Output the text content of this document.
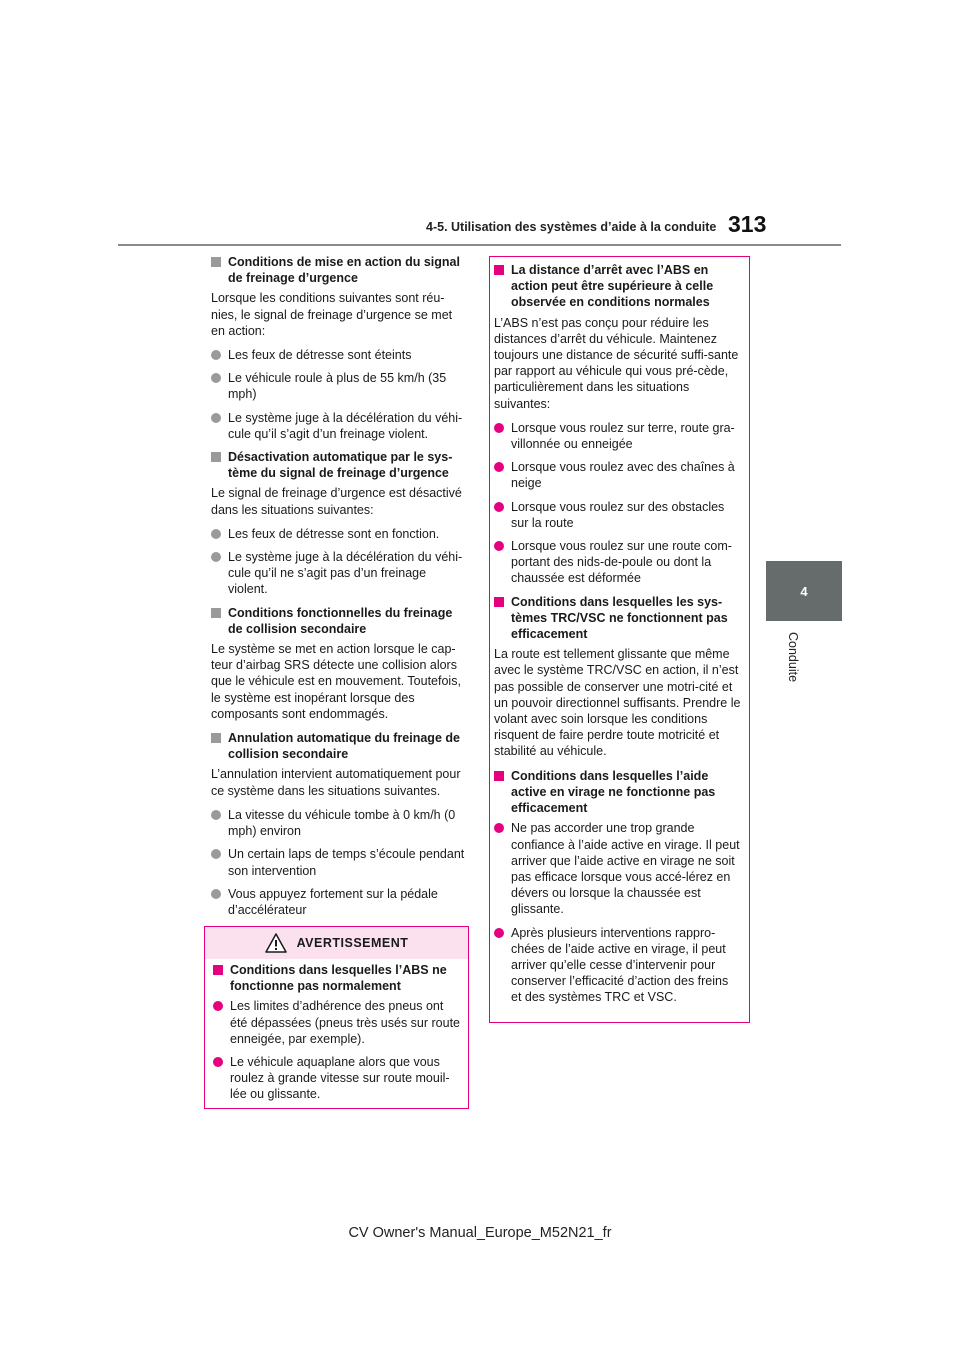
4-5. Utilisation des systèmes d’aide à la conduite 313
4
Conduite
Conditions de mise en action du signal de freinage d’urgence
Lorsque les conditions suivantes sont réu-nies, le signal de freinage d’urgence se met en action:
Les feux de détresse sont éteints
Le véhicule roule à plus de 55 km/h (35 mph)
Le système juge à la décélération du véhi-cule qu’il s’agit d’un freinage violent.
Désactivation automatique par le sys-tème du signal de freinage d’urgence
Le signal de freinage d’urgence est désactivé dans les situations suivantes:
Les feux de détresse sont en fonction.
Le système juge à la décélération du véhi-cule qu’il ne s’agit pas d’un freinage violent.
Conditions fonctionnelles du freinage de collision secondaire
Le système se met en action lorsque le cap-teur d’airbag SRS détecte une collision alors que le véhicule est en mouvement. Toutefois, le système est inopérant lorsque des composants sont endommagés.
Annulation automatique du freinage de collision secondaire
L’annulation intervient automatiquement pour ce système dans les situations suivantes.
La vitesse du véhicule tombe à 0 km/h (0 mph) environ
Un certain laps de temps s’écoule pendant son intervention
Vous appuyez fortement sur la pédale d’accélérateur
AVERTISSEMENT
Conditions dans lesquelles l’ABS ne fonctionne pas normalement
Les limites d’adhérence des pneus ont été dépassées (pneus très usés sur route enneigée, par exemple).
Le véhicule aquaplane alors que vous roulez à grande vitesse sur route mouil-lée ou glissante.
La distance d’arrêt avec l’ABS en action peut être supérieure à celle observée en conditions normales
L’ABS n’est pas conçu pour réduire les distances d’arrêt du véhicule. Maintenez toujours une distance de sécurité suffi-sante par rapport au véhicule qui vous pré-cède, particulièrement dans les situations suivantes:
Lorsque vous roulez sur terre, route gra-villonnée ou enneigée
Lorsque vous roulez avec des chaînes à neige
Lorsque vous roulez sur des obstacles sur la route
Lorsque vous roulez sur une route com-portant des nids-de-poule ou dont la chaussée est déformée
Conditions dans lesquelles les sys-tèmes TRC/VSC ne fonctionnent pas efficacement
La route est tellement glissante que même avec le système TRC/VSC en action, il n’est pas possible de conserver une motri-cité et un pouvoir directionnel suffisants. Prendre le volant avec soin lorsque les conditions risquent de faire perdre toute motricité et stabilité au véhicule.
Conditions dans lesquelles l’aide active en virage ne fonctionne pas efficacement
Ne pas accorder une trop grande confiance à l’aide active en virage. Il peut arriver que l’aide active en virage ne soit pas efficace lorsque vous accé-lérez en dévers ou lorsque la chaussée est glissante.
Après plusieurs interventions rappro-chées de l’aide active en virage, il peut arriver qu’elle cesse d’intervenir pour conserver l’efficacité d’action des freins et des systèmes TRC et VSC.
CV Owner's Manual_Europe_M52N21_fr
